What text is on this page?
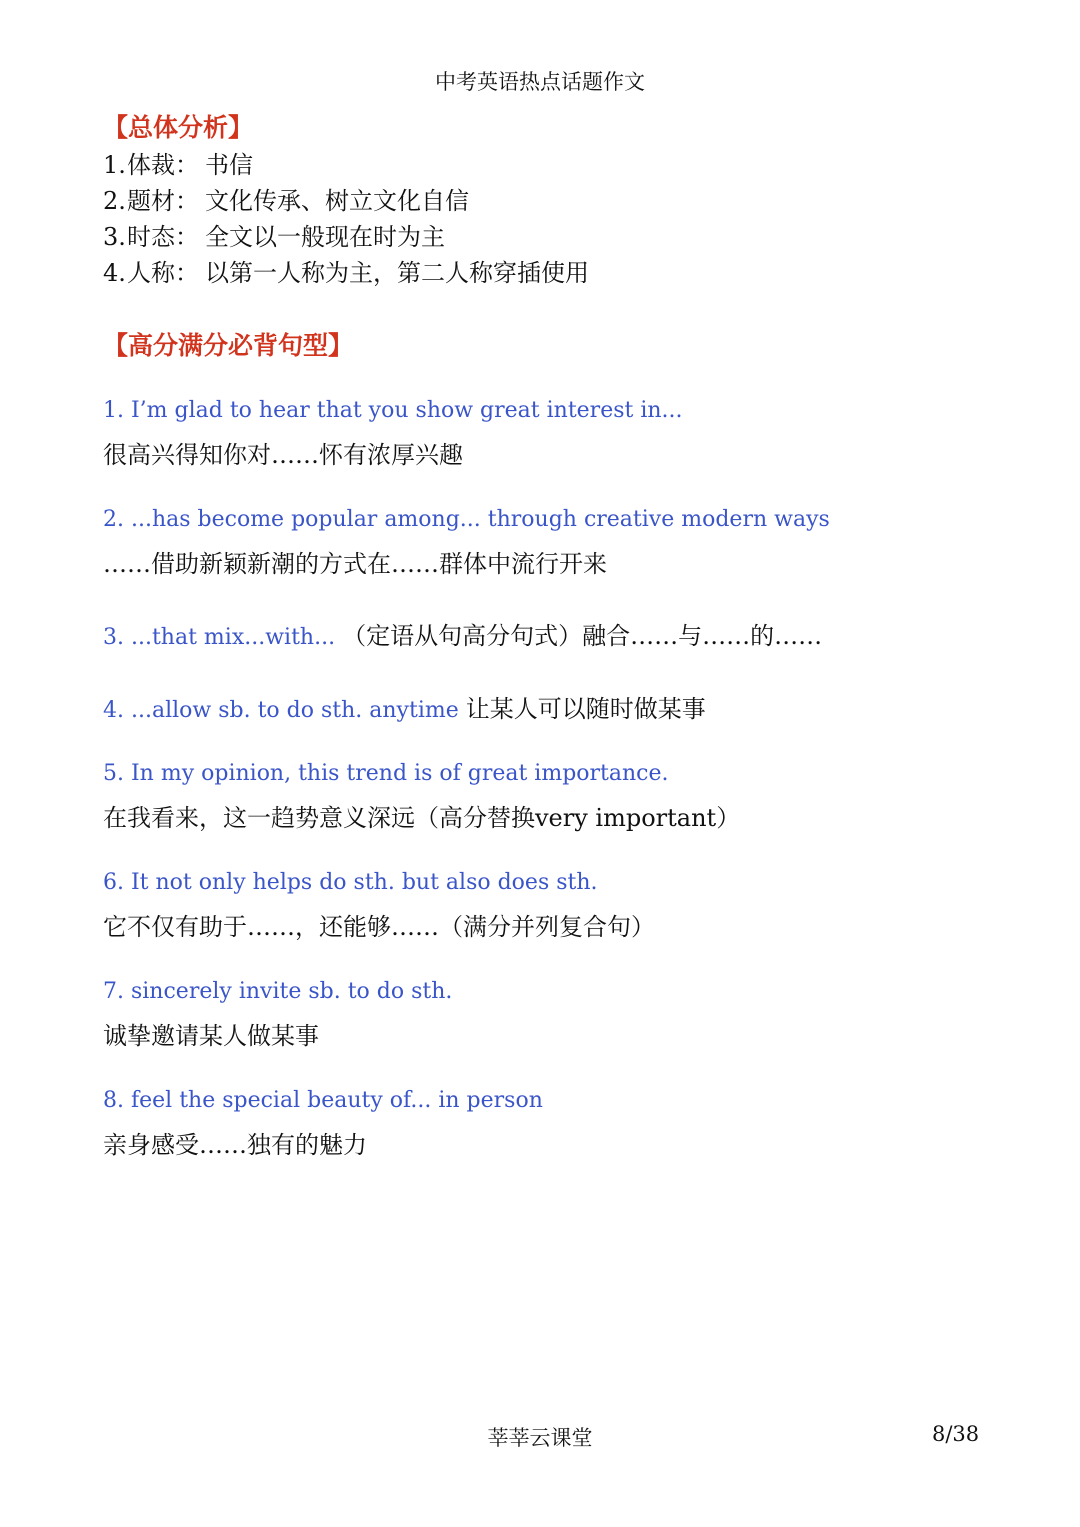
中考英语热点话题作文
【总体分析】
1.体裁： 书信
2.题材： 文化传承、树立文化自信
3.时态： 全文以一般现在时为主
4.人称： 以第一人称为主，第二人称穿插使用
【高分满分必背句型】
1. I’m glad to hear that you show great interest in...
很高兴得知你对……怀有浓厚兴趣
2. ...has become popular among... through creative modern ways
……借助新颖新潮的方式在……群体中流行开来
3. ...that mix...with... （定语从句高分句式）融合……与……的……
4. ...allow sb. to do sth. anytime 让某人可以随时做某事
5. In my opinion, this trend is of great importance.
在我看来，这一趋势意义深远（高分替换very important）
6. It not only helps do sth. but also does sth.
它不仅有助于……，还能够……（满分并列复合句）
7. sincerely invite sb. to do sth.
诚挚邀请某人做某事
8. feel the special beauty of... in person
亲身感受……独有的魅力
莘莘云课堂	8/38
